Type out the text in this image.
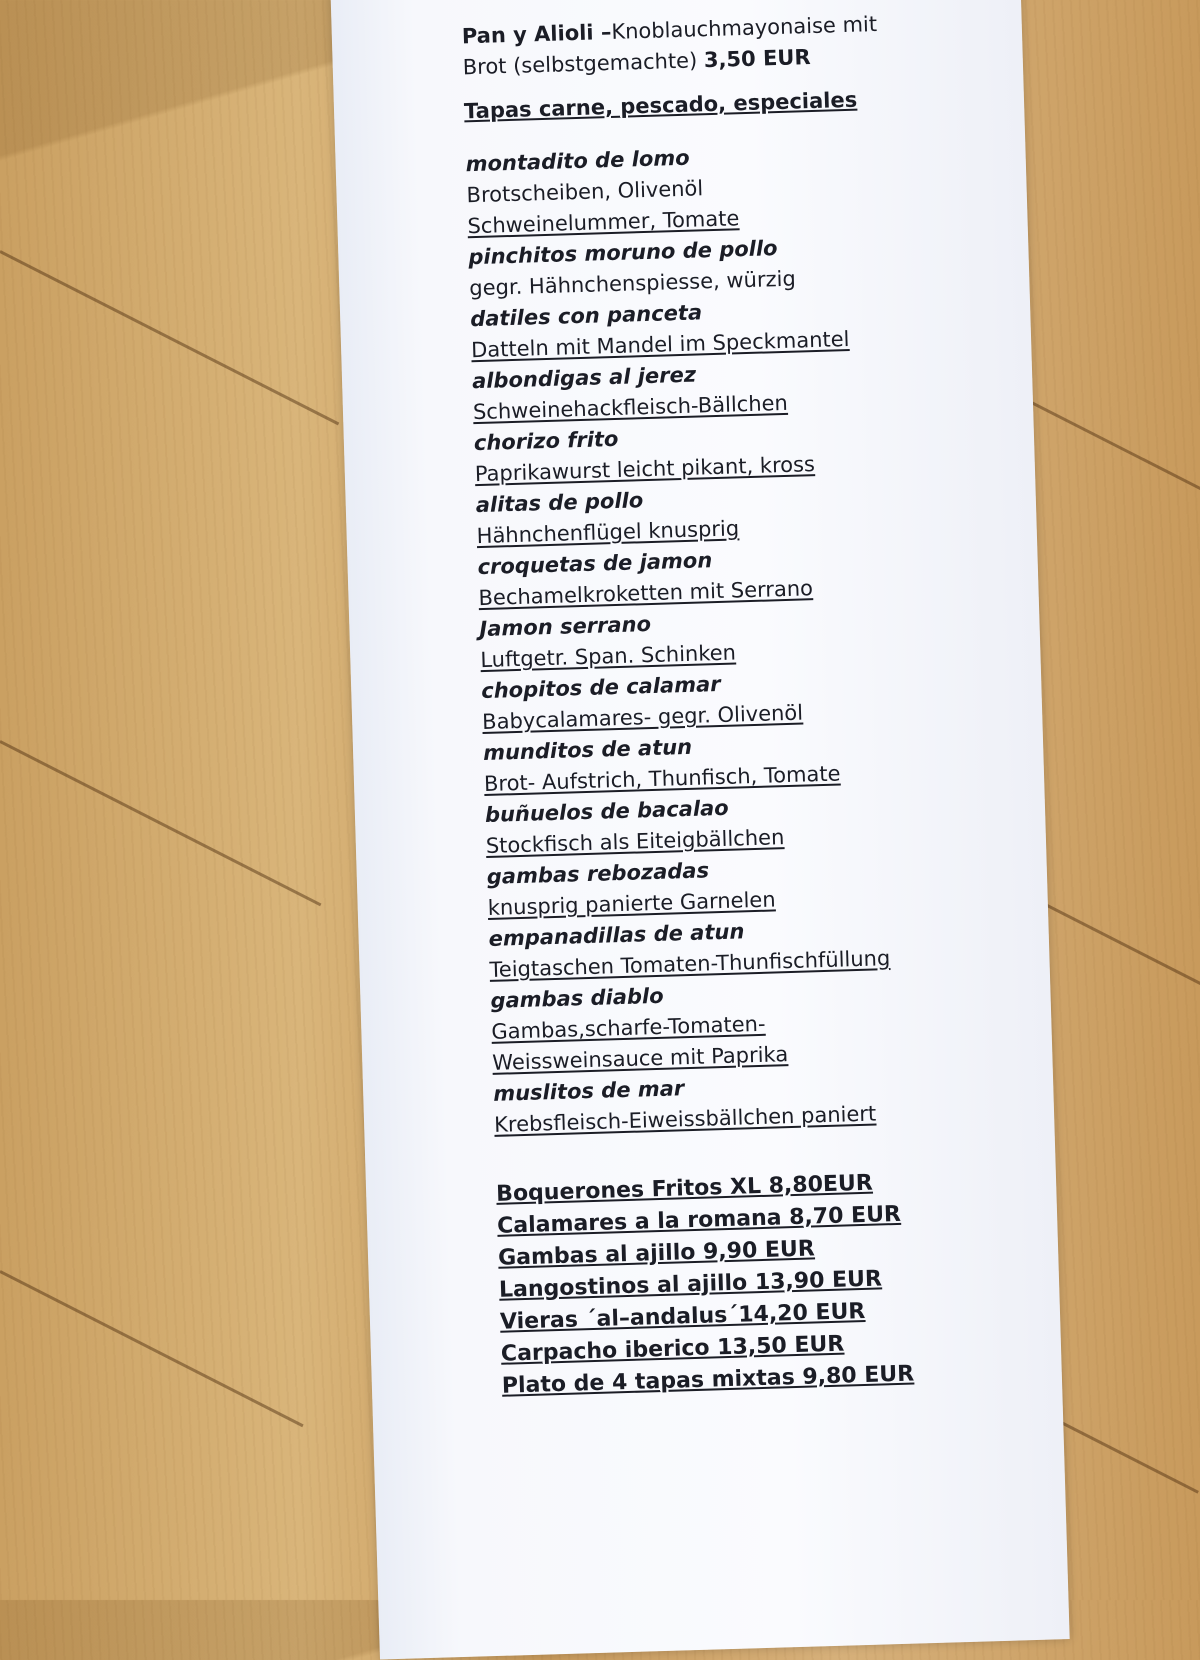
Pan y Alioli –Knoblauchmayonaise mit
Brot (selbstgemachte) 3,50 EUR

Tapas carne, pescado, especiales
montadito de lomo
Brotscheiben, Olivenöl
Schweinelummer, Tomate
pinchitos moruno de pollo
gegr. Hähnchenspiesse, würzig
datiles con panceta
Datteln mit Mandel im Speckmantel
albondigas al jerez
Schweinehackfleisch-Bällchen
chorizo frito
Paprikawurst leicht pikant, kross
alitas de pollo
Hähnchenflügel knusprig
croquetas de jamon
Bechamelkroketten mit Serrano
Jamon serrano
Luftgetr. Span. Schinken
chopitos de calamar
Babycalamares- gegr. Olivenöl
munditos de atun
Brot- Aufstrich, Thunfisch, Tomate
buñuelos de bacalao
Stockfisch als Eiteigbällchen
gambas rebozadas
knusprig panierte Garnelen
empanadillas de atun
Teigtaschen Tomaten-Thunfischfüllung
gambas diablo
Gambas,scharfe-Tomaten-
Weissweinsauce mit Paprika
muslitos de mar
Krebsfleisch-Eiweissbällchen paniert
Boquerones Fritos XL 8,80EUR
Calamares a la romana 8,70 EUR
Gambas al ajillo 9,90 EUR
Langostinos al ajillo 13,90 EUR
Vieras ´al–andalus´14,20 EUR
Carpacho iberico 13,50 EUR
Plato de 4 tapas mixtas 9,80 EUR
